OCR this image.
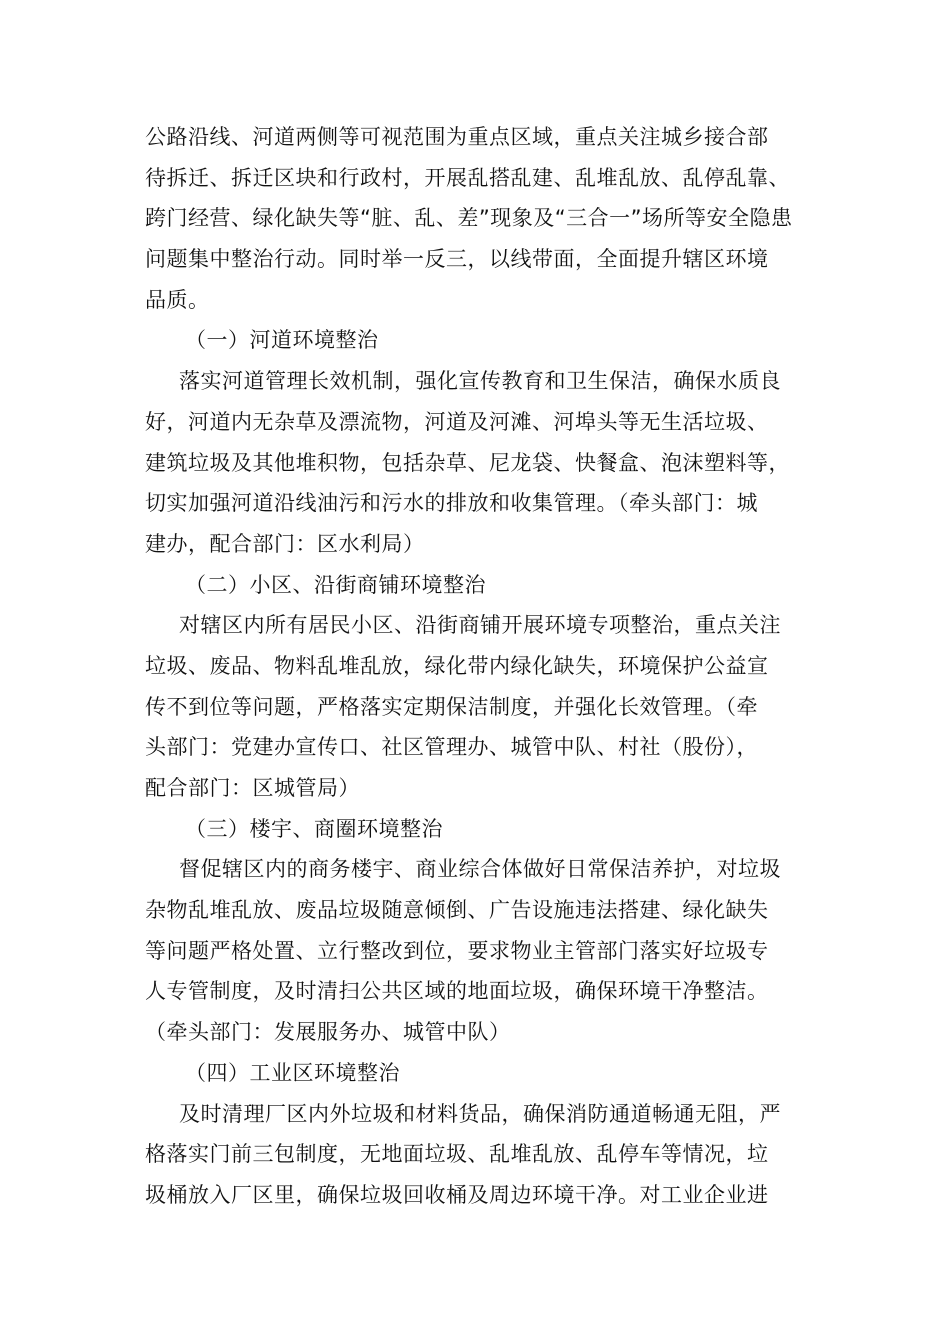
公路沿线、河道两侧等可视范围为重点区域，重点关注城乡接合部
待拆迁、拆迁区块和行政村，开展乱搭乱建、乱堆乱放、乱停乱靠、
跨门经营、绿化缺失等“脏、乱、差”现象及“三合一”场所等安全隐患
问题集中整治行动。同时举一反三，以线带面，全面提升辖区环境
品质。
（一）河道环境整治
落实河道管理长效机制，强化宣传教育和卫生保洁，确保水质良
好，河道内无杂草及漂流物，河道及河滩、河埠头等无生活垃圾、
建筑垃圾及其他堆积物，包括杂草、尼龙袋、快餐盒、泡沫塑料等，
切实加强河道沿线油污和污水的排放和收集管理。（牵头部门：城
建办，配合部门：区水利局）
（二）小区、沿街商铺环境整治
对辖区内所有居民小区、沿街商铺开展环境专项整治，重点关注
垃圾、废品、物料乱堆乱放，绿化带内绿化缺失，环境保护公益宣
传不到位等问题，严格落实定期保洁制度，并强化长效管理。（牵
头部门：党建办宣传口、社区管理办、城管中队、村社（股份），
配合部门：区城管局）
（三）楼宇、商圈环境整治
督促辖区内的商务楼宇、商业综合体做好日常保洁养护，对垃圾
杂物乱堆乱放、废品垃圾随意倾倒、广告设施违法搭建、绿化缺失
等问题严格处置、立行整改到位，要求物业主管部门落实好垃圾专
人专管制度，及时清扫公共区域的地面垃圾，确保环境干净整洁。
（牵头部门：发展服务办、城管中队）
（四）工业区环境整治
及时清理厂区内外垃圾和材料货品，确保消防通道畅通无阻，严
格落实门前三包制度，无地面垃圾、乱堆乱放、乱停车等情况，垃
圾桶放入厂区里，确保垃圾回收桶及周边环境干净。对工业企业进
